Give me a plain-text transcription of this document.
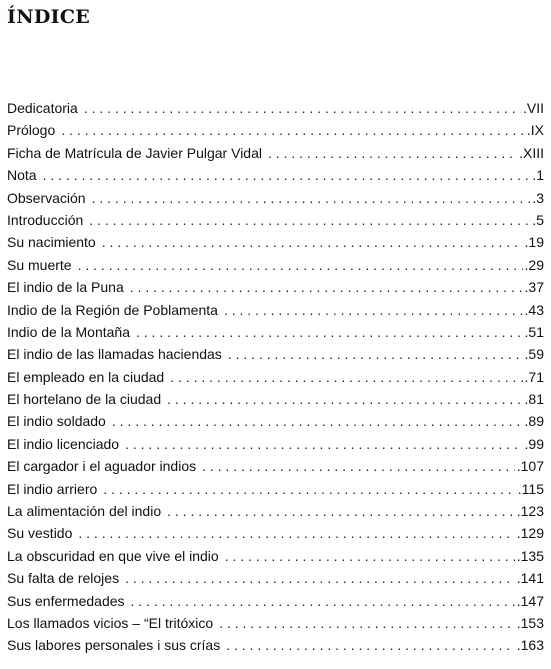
ÍNDICE
Dedicatoria . . .	.VII
Prólogo . . .	.IX
Ficha de Matrícula de Javier Pulgar Vidal . . .	.XIII
Nota . . .	.1
Observación . . .	.3
Introducción . . .	.5
Su nacimiento . . .	.19
Su muerte . . .	.29
El indio de la Puna . . .	.37
Indio de la Región de Poblamenta . . .	.43
Indio de la Montaña . . .	.51
El indio de las llamadas haciendas . . .	.59
El empleado en la ciudad . . .	.71
El hortelano de la ciudad . . .	.81
El indio soldado . . .	.89
El indio licenciado . . .	.99
El cargador i el aguador indios . . .	.107
El indio arriero . . .	.115
La alimentación del indio . . .	.123
Su vestido . . .	.129
La obscuridad en que vive el indio . . .	.135
Su falta de relojes . . .	.141
Sus enfermedades . . .	.147
Los llamados vicios – “El tritóxico . . .	.153
Sus labores personales i sus crías . . .	.163
